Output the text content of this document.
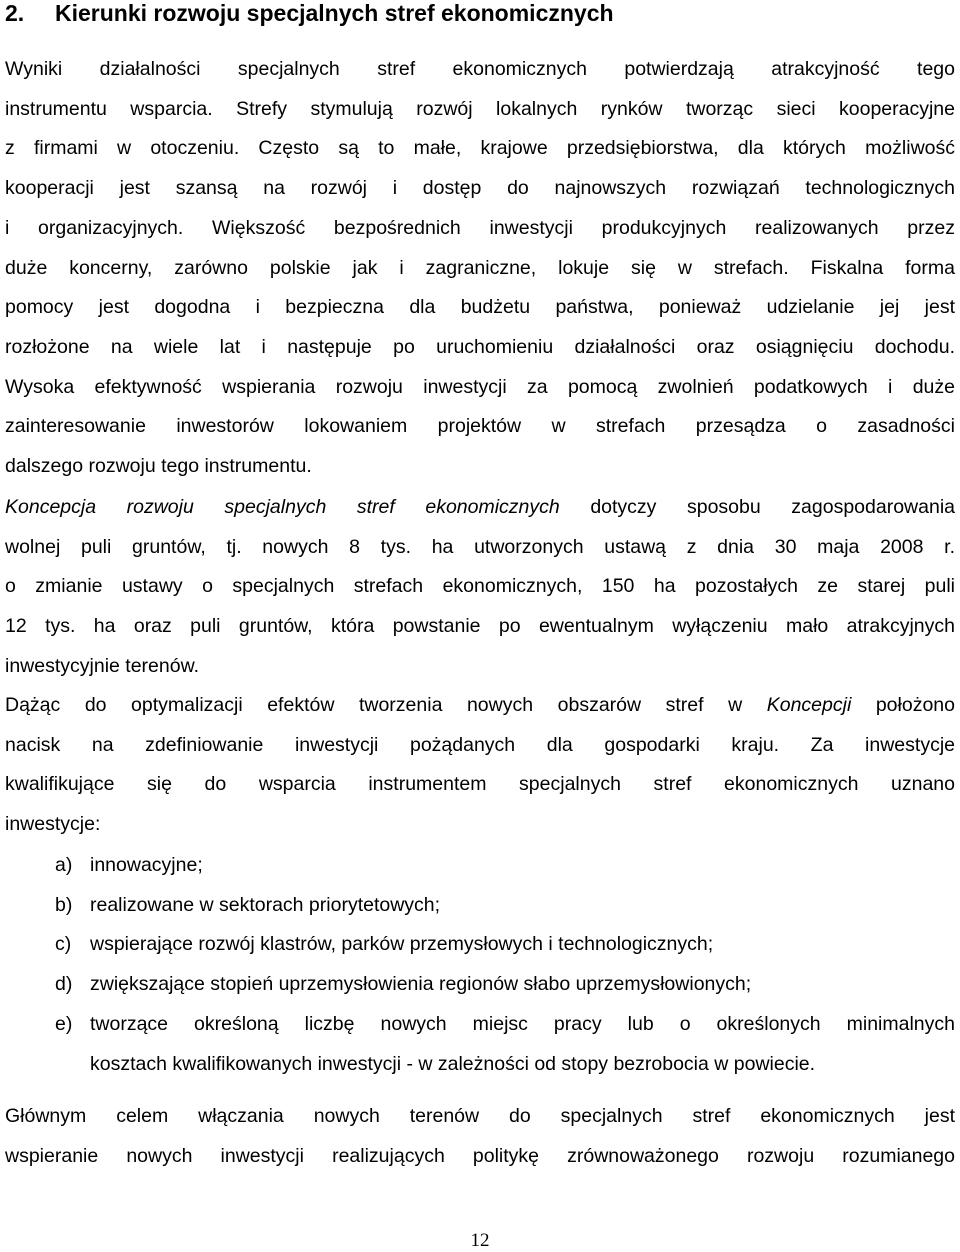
2. Kierunki rozwoju specjalnych stref ekonomicznych
Wyniki działalności specjalnych stref ekonomicznych potwierdzają atrakcyjność tego
instrumentu wsparcia. Strefy stymulują rozwój lokalnych rynków tworząc sieci kooperacyjne
z firmami w otoczeniu. Często są to małe, krajowe przedsiębiorstwa, dla których możliwość
kooperacji jest szansą na rozwój i dostęp do najnowszych rozwiązań technologicznych
i organizacyjnych. Większość bezpośrednich inwestycji produkcyjnych realizowanych przez
duże koncerny, zarówno polskie jak i zagraniczne, lokuje się w strefach. Fiskalna forma
pomocy jest dogodna i bezpieczna dla budżetu państwa, ponieważ udzielanie jej jest
rozłożone na wiele lat i następuje po uruchomieniu działalności oraz osiągnięciu dochodu.
Wysoka efektywność wspierania rozwoju inwestycji za pomocą zwolnień podatkowych i duże
zainteresowanie inwestorów lokowaniem projektów w strefach przesądza o zasadności
dalszego rozwoju tego instrumentu.
Koncepcja rozwoju specjalnych stref ekonomicznych dotyczy sposobu zagospodarowania
wolnej puli gruntów, tj. nowych 8 tys. ha utworzonych ustawą z dnia 30 maja 2008 r.
o zmianie ustawy o specjalnych strefach ekonomicznych, 150 ha pozostałych ze starej puli
12 tys. ha oraz puli gruntów, która powstanie po ewentualnym wyłączeniu mało atrakcyjnych
inwestycyjnie terenów.
Dążąc do optymalizacji efektów tworzenia nowych obszarów stref w Koncepcji położono
nacisk na zdefiniowanie inwestycji pożądanych dla gospodarki kraju. Za inwestycje
kwalifikujące się do wsparcia instrumentem specjalnych stref ekonomicznych uznano
inwestycje:
a) innowacyjne;
b) realizowane w sektorach priorytetowych;
c) wspierające rozwój klastrów, parków przemysłowych i technologicznych;
d) zwiększające stopień uprzemysłowienia regionów słabo uprzemysłowionych;
e) tworzące określoną liczbę nowych miejsc pracy lub o określonych minimalnych
kosztach kwalifikowanych inwestycji - w zależności od stopy bezrobocia w powiecie.
Głównym celem włączania nowych terenów do specjalnych stref ekonomicznych jest
wspieranie nowych inwestycji realizujących politykę zrównoważonego rozwoju rozumianego
12
